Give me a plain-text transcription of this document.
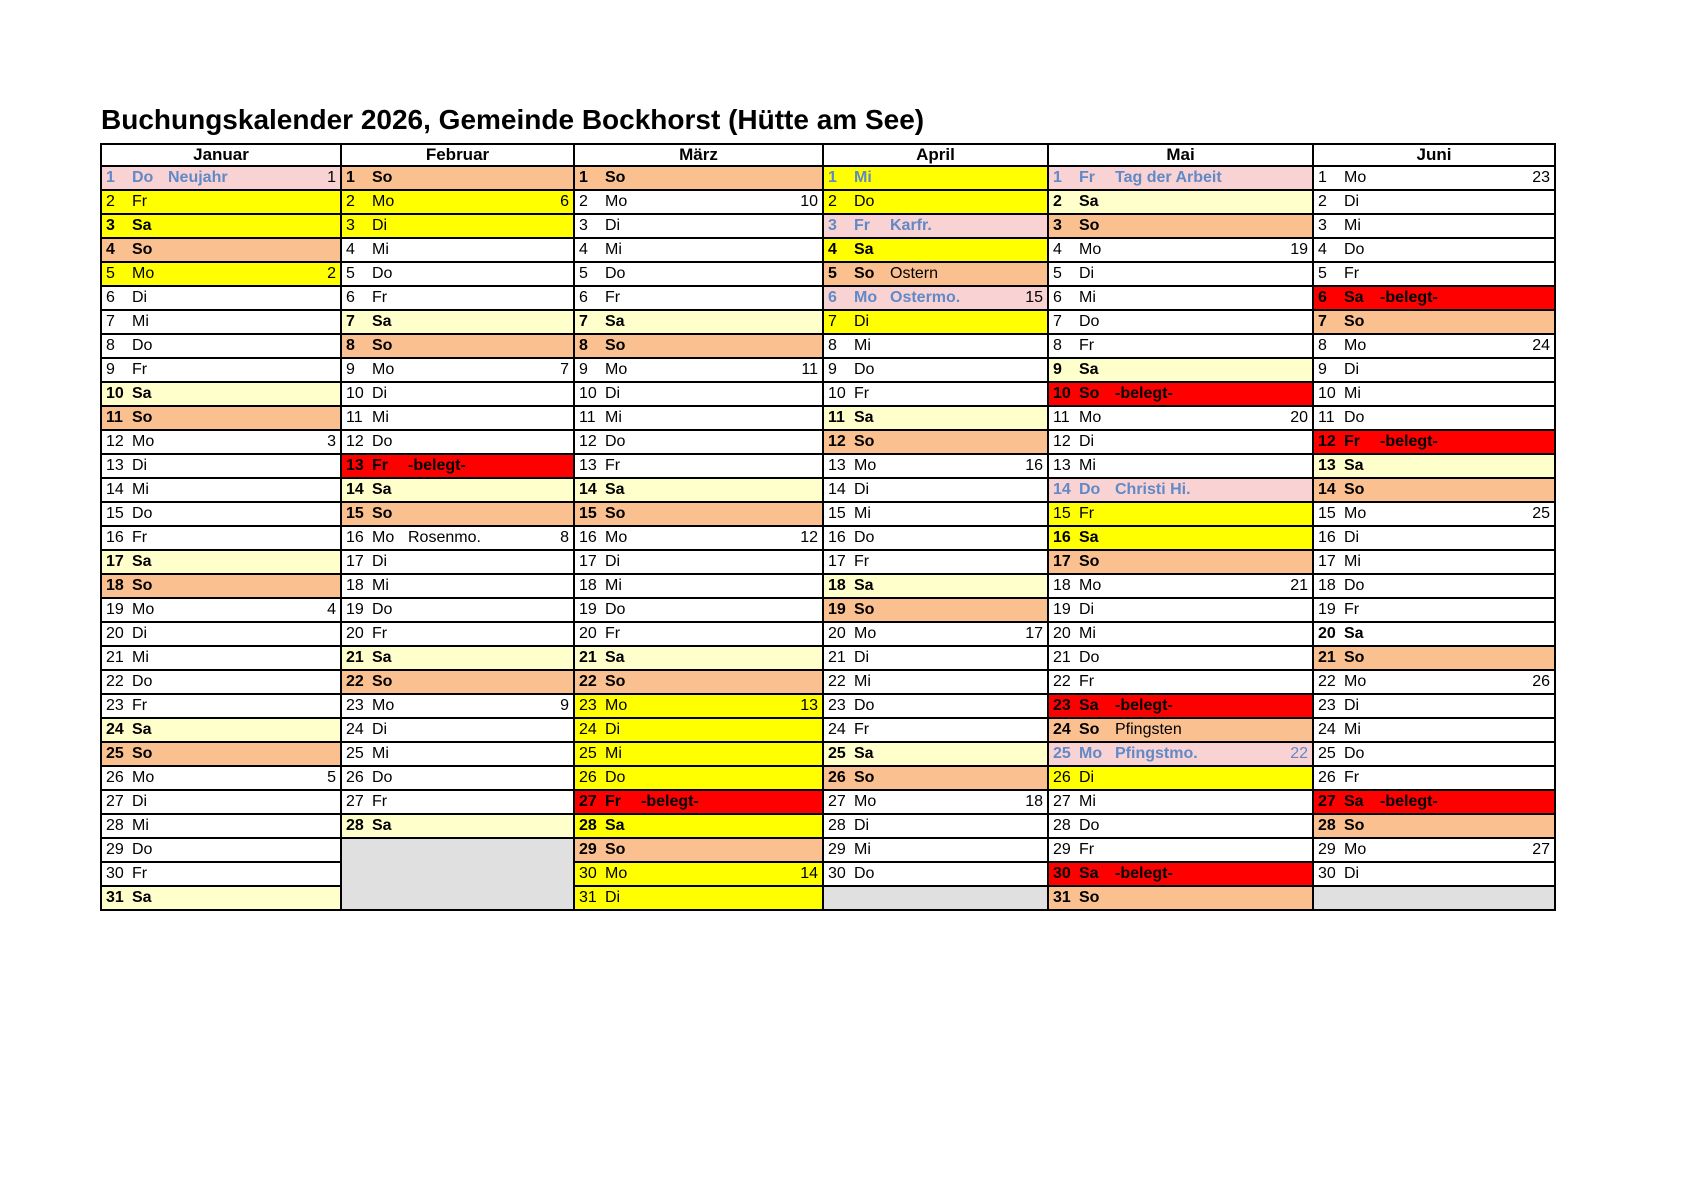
Buchungskalender 2026, Gemeinde Bockhorst (Hütte am See)
Januar	Februar	März	April	Mai	Juni

1 Do Neujahr 1	1 So	1 So	1 Mi	1 Fr Tag der Arbeit	1 Mo 23

2 Fr	2 Mo 6	2 Mo 10	2 Do	2 Sa	2 Di

3 Sa	3 Di	3 Di	3 Fr Karfr.	3 So	3 Mi

4 So	4 Mi	4 Mi	4 Sa	4 Mo 19	4 Do

5 Mo 2	5 Do	5 Do	5 So Ostern	5 Di	5 Fr

6 Di	6 Fr	6 Fr	6 Mo Ostermo. 15	6 Mi	6 Sa -belegt-

7 Mi	7 Sa	7 Sa	7 Di	7 Do	7 So

8 Do	8 So	8 So	8 Mi	8 Fr	8 Mo 24

9 Fr	9 Mo 7	9 Mo 11	9 Do	9 Sa	9 Di

10 Sa	10 Di	10 Di	10 Fr	10 So -belegt-	10 Mi

11 So	11 Mi	11 Mi	11 Sa	11 Mo 20	11 Do

12 Mo 3	12 Do	12 Do	12 So	12 Di	12 Fr -belegt-

13 Di	13 Fr -belegt-	13 Fr	13 Mo 16	13 Mi	13 Sa

14 Mi	14 Sa	14 Sa	14 Di	14 Do Christi Hi.	14 So

15 Do	15 So	15 So	15 Mi	15 Fr	15 Mo 25

16 Fr	16 Mo Rosenmo. 8	16 Mo 12	16 Do	16 Sa	16 Di

17 Sa	17 Di	17 Di	17 Fr	17 So	17 Mi

18 So	18 Mi	18 Mi	18 Sa	18 Mo 21	18 Do

19 Mo 4	19 Do	19 Do	19 So	19 Di	19 Fr

20 Di	20 Fr	20 Fr	20 Mo 17	20 Mi	20 Sa

21 Mi	21 Sa	21 Sa	21 Di	21 Do	21 So

22 Do	22 So	22 So	22 Mi	22 Fr	22 Mo 26

23 Fr	23 Mo 9	23 Mo 13	23 Do	23 Sa -belegt-	23 Di

24 Sa	24 Di	24 Di	24 Fr	24 So Pfingsten	24 Mi

25 So	25 Mi	25 Mi	25 Sa	25 Mo Pfingstmo. 22	25 Do

26 Mo 5	26 Do	26 Do	26 So	26 Di	26 Fr

27 Di	27 Fr	27 Fr -belegt-	27 Mo 18	27 Mi	27 Sa -belegt-

28 Mi	28 Sa	28 Sa	28 Di	28 Do	28 So

29 Do		29 So	29 Mi	29 Fr	29 Mo 27

30 Fr		30 Mo 14	30 Do	30 Sa -belegt-	30 Di

31 Sa		31 Di		31 So	
